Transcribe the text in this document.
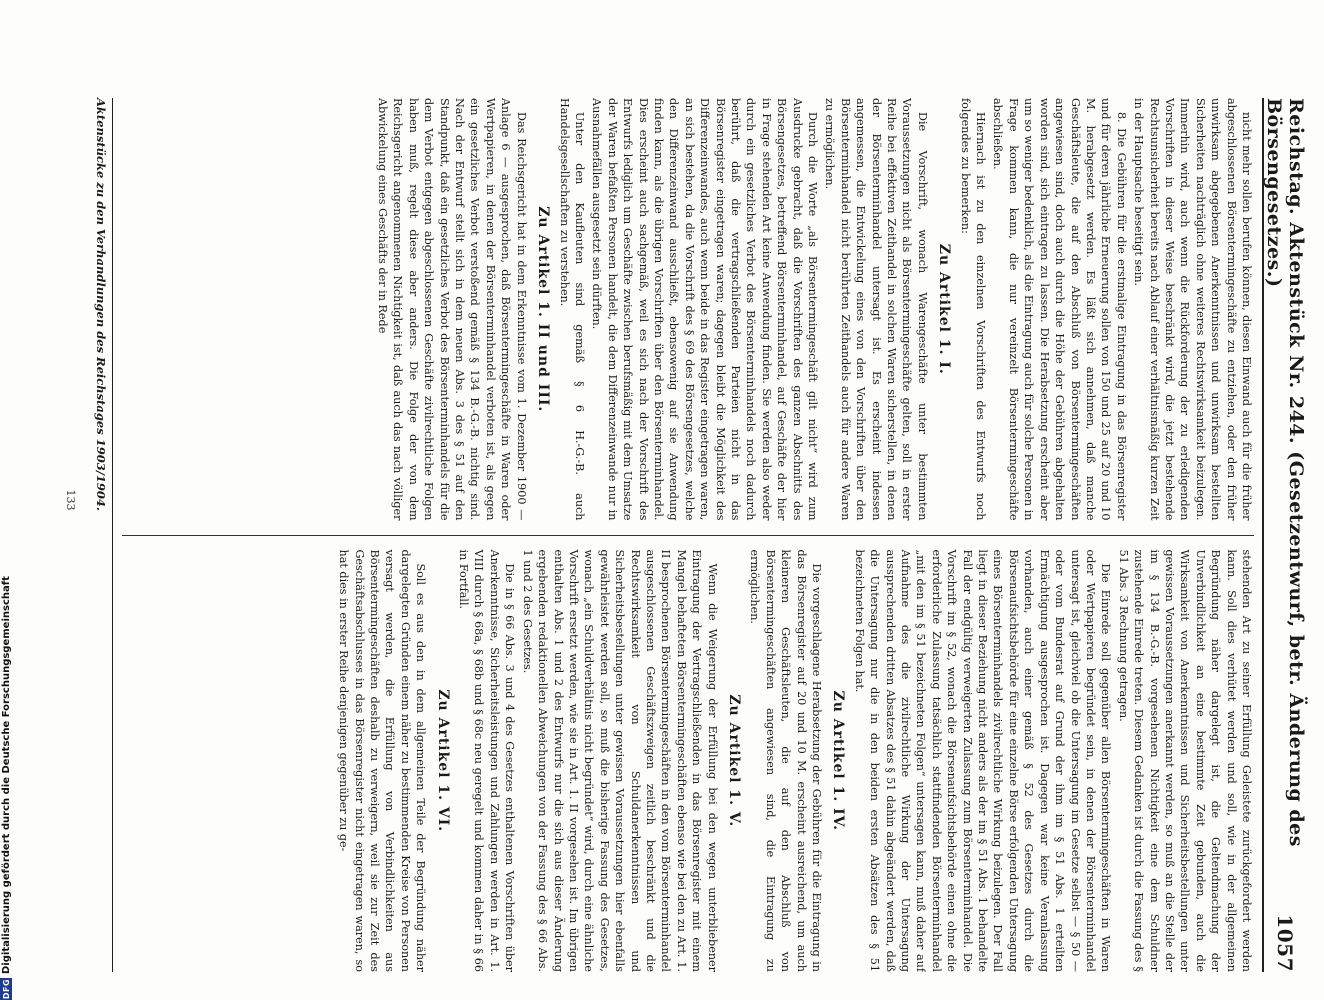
Reichstag. Aktenstück Nr. 244. (Gesetzentwurf, betr. Änderung des Börsengesetzes.)
1057

nicht mehr sollen berufen können, diesen Einwand auch für die früher abgeschlossenen Börsentermingeschäfte zu entziehen, oder den früher unwirksam abgegebenen Anerkenntnissen und unwirksam bestellten Sicherheiten nachträglich ohne weiteres Rechtswirksamkeit beizulegen. Immerhin wird, auch wenn die Rückforderung der zu erledigenden Vorschriften in dieser Weise beschränkt wird, die jetzt bestehende Rechtsunsicherheit bereits nach Ablauf einer verhältnismäßig kurzen Zeit in der Hauptsache beseitigt sein.

8. Die Gebühren für die erstmalige Eintragung in das Börsenregister und für deren jährliche Erneuerung sollen von 150 und 25 auf 20 und 10 M. herabgesetzt werden. Es läßt sich annehmen, daß manche Geschäftsleute, die auf den Abschluß von Börsentermingeschäften angewiesen sind, doch auch durch die Höhe der Gebühren abgehalten worden sind, sich eintragen zu lassen. Die Herabsetzung erscheint aber um so weniger bedenklich, als die Eintragung auch für solche Personen in Frage kommen kann, die nur vereinzelt Börsentermingeschäfte abschließen.

Hiernach ist zu den einzelnen Vorschriften des Entwurfs noch folgendes zu bemerken:

Zu Artikel 1. I.

Die Vorschrift, wonach Warengeschäfte unter bestimmten Voraussetzungen nicht als Börsentermingeschäfte gelten, soll in erster Reihe bei effektiven Zeithandel in solchen Waren sicherstellen, in denen der Börsenterminhandel untersagt ist. Es erscheint indessen angemessen, die Entwickelung eines von den Vorschriften über den Börsenterminhandel nicht berührten Zeithandels auch für andere Waren zu ermöglichen.

Durch die Worte „als Börsentermingeschäft gilt nicht“ wird zum Ausdrucke gebracht, daß die Vorschriften des ganzen Abschnitts des Börsengesetzes, betreffend Börsenterminhandel, auf Geschäfte der hier in Frage stehenden Art keine Anwendung finden. Sie werden also weder durch ein gesetzliches Verbot des Börsenterminhandels noch dadurch berührt, daß die vertragschließenden Parteien nicht in das Börsenregister eingetragen waren; dagegen bleibt die Möglichkeit des Differenzeinwandes, auch wenn beide in das Register eingetragen waren, an sich bestehen, da die Vorschrift des § 69 des Börsengesetzes, welche den Differenzeinwand ausschließt, ebensowenig auf sie Anwendung finden kann, als die übrigen Vorschriften über den Börsenterminhandel. Dies erscheint auch sachgemäß, weil es sich nach der Vorschrift des Entwurfs lediglich um Geschäfte zwischen berufsmäßig mit dem Umsatze der Waren befaßten Personen handelt, die dem Differenzeinwande nur in Ausnahmefällen ausgesetzt sein dürften.

Unter den Kaufleuten sind gemäß § 6 H.-G.-B. auch Handelsgesellschaften zu verstehen.

Zu Artikel 1. II und III.

Das Reichsgericht hat in dem Erkenntnisse vom 1. Dezember 1900 — Anlage 6 — ausgesprochen, daß Börsentermingeschäfte in Waren oder Wertpapieren, in denen der Börsenterminhandel verboten ist, als gegen ein gesetzliches Verbot verstoßend gemäß § 134 B.-G.-B. nichtig sind. Nach der Entwurf stellt sich in dem neuen Abs. 3 des § 51 auf den Standpunkt, daß ein gesetzliches Verbot des Börsenterminhandels für die dem Verbot entgegen abgeschlossenen Geschäfte zivilrechtliche Folgen haben muß, regelt diese aber anders. Die Folge der von dem Reichsgericht angenommenen Nichtigkeit ist, daß auch das nach völliger Abwickelung eines Geschäfts der in Rede

stehenden Art zu seiner Erfüllung Geleistete zurückgefordert werden kann. Soll dies verhütet werden und soll, wie in der allgemeinen Begründung näher dargelegt ist, die Geltendmachung der Unverbindlichkeit an eine bestimmte Zeit gebunden, auch die Wirksamkeit von Anerkenntnissen und Sicherheitsbestellungen unter gewissen Voraussetzungen anerkannt werden, so muß an die Stelle der im § 134 B.-G.-B. vorgesehenen Nichtigkeit eine dem Schuldner zustehende Einrede treten. Diesem Gedanken ist durch die Fassung des § 51 Abs. 3 Rechnung getragen.

Die Einrede soll gegenüber allen Börsentermingeschäften in Waren oder Wertpapieren begründet sein, in denen der Börsenterminhandel untersagt ist, gleichviel ob die Untersagung im Gesetze selbst — § 50 — oder vom Bundesrat auf Grund der ihm im § 51 Abs. 1 erteilten Ermächtigung ausgesprochen ist. Dagegen war keine Veranlassung vorhanden, auch einer gemäß § 52 des Gesetzes durch die Börsenaufsichtsbehörde für eine einzelne Börse erfolgenden Untersagung eines Börsenterminhandels zivilrechtliche Wirkung beizulegen. Der Fall liegt in dieser Beziehung nicht anders als der im § 51 Abs. 1 behandelte Fall der endgültig verweigerten Zulassung zum Börsenterminhandel. Die Vorschrift im § 52, wonach die Börsenaufsichtsbehörde einen ohne die erforderliche Zulassung tatsächlich stattfindenden Börsenterminhandel „mit den im § 51 bezeichneten Folgen“ untersagen kann, muß daher auf Aufnahme des die zivilrechtliche Wirkung der Untersagung aussprechenden dritten Absatzes des § 51 dahin abgeändert werden, daß die Untersagung nur die in den beiden ersten Absätzen des § 51 bezeichneten Folgen hat.

Zu Artikel 1. IV.

Die vorgeschlagene Herabsetzung der Gebühren für die Eintragung in das Börsenregister auf 20 und 10 M. erscheint ausreichend, um auch kleineren Geschäftsleuten, die auf den Abschluß von Börsentermingeschäften angewiesen sind, die Eintragung zu ermöglichen.

Zu Artikel 1. V.

Wenn die Weigerung der Erfüllung bei den wegen unterbliebener Eintragung der Vertragschließenden in das Börsenregister mit einem Mangel behafteten Börsentermingeschäften ebenso wie bei den zu Art. 1. II besprochenen Börsentermingeschäften in den vom Börsenterminhandel ausgeschlossenen Geschäftszweigen zeitlich beschränkt und die Rechtswirksamkeit von Schuldanerkenntnissen und Sicherheitsbestellungen unter gewissen Voraussetzungen hier ebenfalls gewährleistet werden soll, so muß die bisherige Fassung des Gesetzes, wonach „ein Schuldverhältnis nicht begründet“ wird, durch eine ähnliche Vorschrift ersetzt werden, wie sie in Art. 1. II vorgesehen ist. Im übrigen enthalten Abs. 1 und 2 des Entwurfs nur die sich aus dieser Änderung ergebenden redaktionellen Abweichungen von der Fassung des § 66 Abs. 1 und 2 des Gesetzes.

Die in § 66 Abs. 3 und 4 des Gesetzes enthaltenen Vorschriften über Anerkenntnisse, Sicherheitsleistungen und Zahlungen werden in Art. 1. VIII durch § 68a, § 68b und § 68c neu geregelt und kommen daher in § 66 in Fortfall.

Zu Artikel 1. VI.

Soll es aus den in dem allgemeinen Teile der Begründung näher dargelegten Gründen einem näher zu bestimmenden Kreise von Personen versagt werden, die Erfüllung von Verbindlichkeiten aus Börsentermingeschäften deshalb zu verweigern, weil sie zur Zeit des Geschäftsabschlusses in das Börsenregister nicht eingetragen waren, so hat dies in erster Reihe denjenigen gegenüber zu ge-

Aktenstücke zu den Verhandlungen des Reichstages 1903/1904.
133
DFG
Digitalisierung gefördert durch die Deutsche Forschungsgemeinschaft
